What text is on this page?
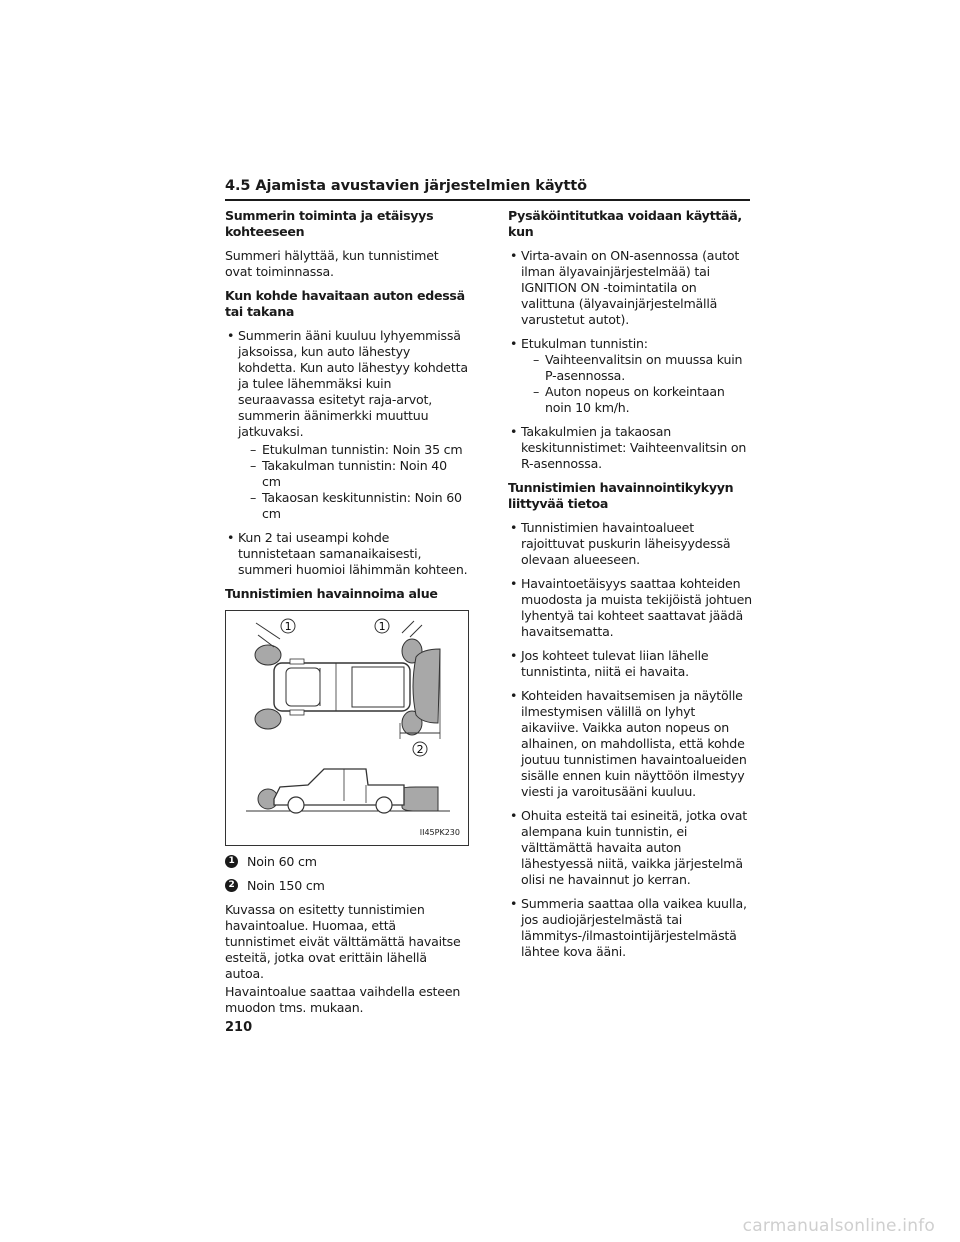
4.5 Ajamista avustavien järjestelmien käyttö
Summerin toiminta ja etäisyys kohteeseen
Summeri hälyttää, kun tunnistimet ovat toiminnassa.
Kun kohde havaitaan auton edessä tai takana
• Summerin ääni kuuluu lyhyemmissä jaksoissa, kun auto lähestyy kohdetta. Kun auto lähestyy kohdetta ja tulee lähemmäksi kuin seuraavassa esitetyt raja-arvot, summerin äänimerkki muuttuu jatkuvaksi.
– Etukulman tunnistin: Noin 35 cm
– Takakulman tunnistin: Noin 40 cm
– Takaosan keskitunnistin: Noin 60 cm
• Kun 2 tai useampi kohde tunnistetaan samanaikaisesti, summeri huomioi lähimmän kohteen.
Tunnistimien havainnoima alue
1	1
2
II45PK230
1 Noin 60 cm
2 Noin 150 cm
Kuvassa on esitetty tunnistimien havaintoalue. Huomaa, että tunnistimet eivät välttämättä havaitse esteitä, jotka ovat erittäin lähellä autoa.
Havaintoalue saattaa vaihdella esteen muodon tms. mukaan.
Pysäköintitutkaa voidaan käyttää, kun
• Virta-avain on ON-asennossa (autot ilman älyavainjärjestelmää) tai IGNITION ON -toimintatila on valittuna (älyavainjärjestelmällä varustetut autot).
• Etukulman tunnistin:
– Vaihteenvalitsin on muussa kuin P-asennossa.
– Auton nopeus on korkeintaan noin 10 km/h.
• Takakulmien ja takaosan keskitunnistimet: Vaihteenvalitsin on R-asennossa.
Tunnistimien havainnointikykyyn liittyvää tietoa
• Tunnistimien havaintoalueet rajoittuvat puskurin läheisyydessä olevaan alueeseen.
• Havaintoetäisyys saattaa kohteiden muodosta ja muista tekijöistä johtuen lyhentyä tai kohteet saattavat jäädä havaitsematta.
• Jos kohteet tulevat liian lähelle tunnistinta, niitä ei havaita.
• Kohteiden havaitsemisen ja näytölle ilmestymisen välillä on lyhyt aikaviive. Vaikka auton nopeus on alhainen, on mahdollista, että kohde joutuu tunnistimen havaintoalueiden sisälle ennen kuin näyttöön ilmestyy viesti ja varoitusääni kuuluu.
• Ohuita esteitä tai esineitä, jotka ovat alempana kuin tunnistin, ei välttämättä havaita auton lähestyessä niitä, vaikka järjestelmä olisi ne havainnut jo kerran.
• Summeria saattaa olla vaikea kuulla, jos audiojärjestelmästä tai lämmitys-/ilmastointijärjestelmästä lähtee kova ääni.
210
carmanualsonline.info
